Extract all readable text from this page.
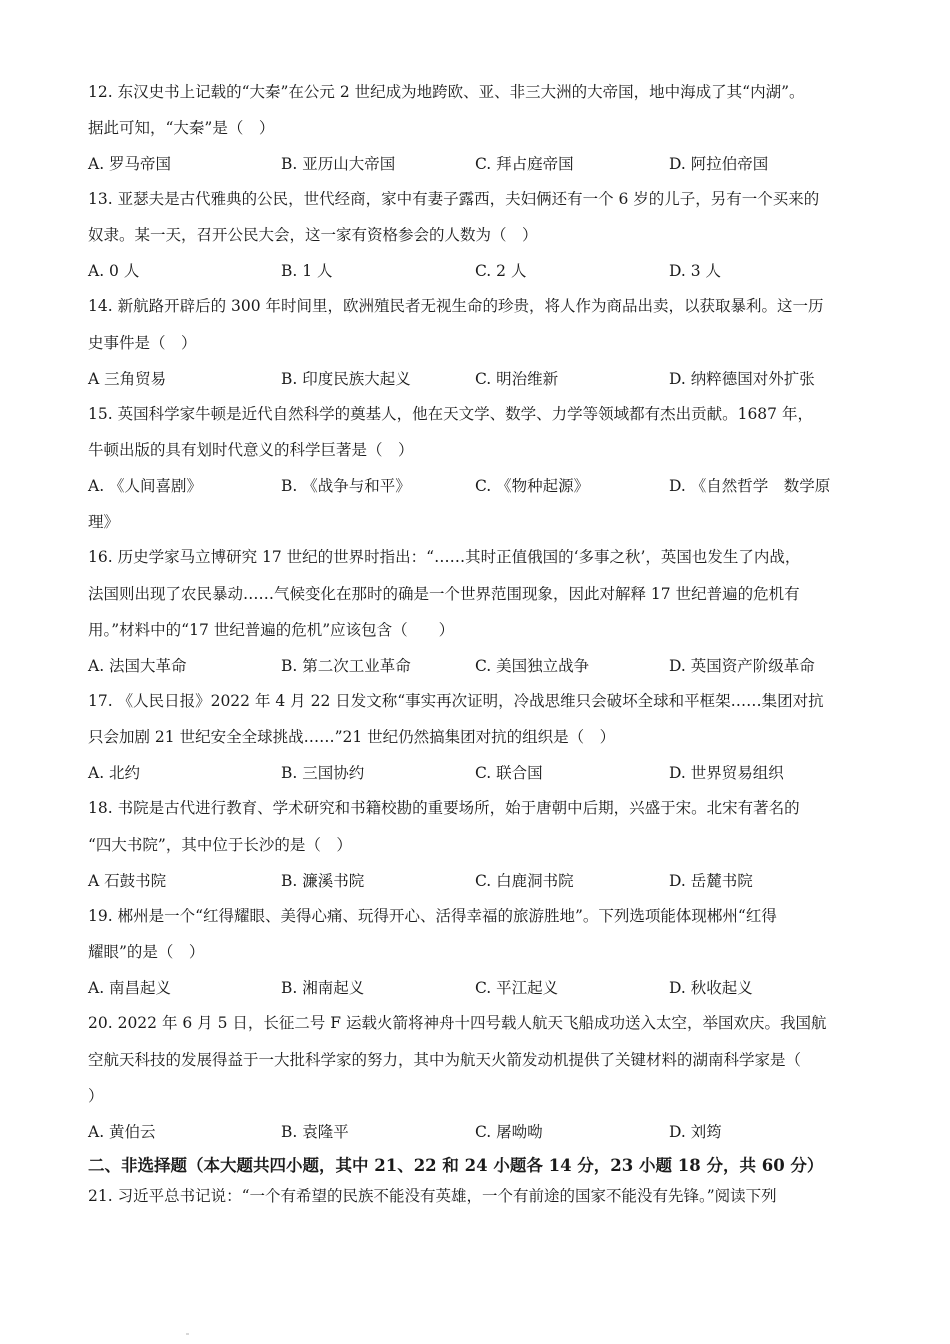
12. 东汉史书上记载的“大秦”在公元 2 世纪成为地跨欧、亚、非三大洲的大帝国，地中海成了其“内湖”。
据此可知，“大秦”是（　）
A. 罗马帝国	B. 亚历山大帝国	C. 拜占庭帝国	D. 阿拉伯帝国
13. 亚瑟夫是古代雅典的公民，世代经商，家中有妻子露西，夫妇俩还有一个 6 岁的儿子，另有一个买来的
奴隶。某一天，召开公民大会，这一家有资格参会的人数为（　）
A. 0 人	B. 1 人	C. 2 人	D. 3 人
14. 新航路开辟后的 300 年时间里，欧洲殖民者无视生命的珍贵，将人作为商品出卖，以获取暴利。这一历
史事件是（　）
A 三角贸易	B. 印度民族大起义	C. 明治维新	D. 纳粹德国对外扩张
15. 英国科学家牛顿是近代自然科学的奠基人，他在天文学、数学、力学等领域都有杰出贡献。1687 年，
牛顿出版的具有划时代意义的科学巨著是（　）
A. 《人间喜剧》	B. 《战争与和平》	C. 《物种起源》	D. 《自然哲学　数学原
理》
16. 历史学家马立博研究 17 世纪的世界时指出：“……其时正值俄国的‘多事之秋’，英国也发生了内战，
法国则出现了农民暴动……气候变化在那时的确是一个世界范围现象，因此对解释 17 世纪普遍的危机有
用。”材料中的“17 世纪普遍的危机”应该包含（　　）
A. 法国大革命	B. 第二次工业革命	C. 美国独立战争	D. 英国资产阶级革命
17. 《人民日报》2022 年 4 月 22 日发文称“事实再次证明，冷战思维只会破坏全球和平框架……集团对抗
只会加剧 21 世纪安全全球挑战……”21 世纪仍然搞集团对抗的组织是（　）
A. 北约	B. 三国协约	C. 联合国	D. 世界贸易组织
18. 书院是古代进行教育、学术研究和书籍校勘的重要场所，始于唐朝中后期，兴盛于宋。北宋有著名的
“四大书院”，其中位于长沙的是（　）
A 石鼓书院	B. 濂溪书院	C. 白鹿洞书院	D. 岳麓书院
19. 郴州是一个“红得耀眼、美得心痛、玩得开心、活得幸福的旅游胜地”。下列选项能体现郴州“红得
耀眼”的是（　）
A. 南昌起义	B. 湘南起义	C. 平江起义	D. 秋收起义
20. 2022 年 6 月 5 日，长征二号 F 运载火箭将神舟十四号载人航天飞船成功送入太空，举国欢庆。我国航
空航天科技的发展得益于一大批科学家的努力，其中为航天火箭发动机提供了关键材料的湖南科学家是（
）
A. 黄伯云	B. 袁隆平	C. 屠呦呦	D. 刘筠
二、非选择题（本大题共四小题，其中 21、22 和 24 小题各 14 分，23 小题 18 分，共 60 分）
21. 习近平总书记说：“一个有希望的民族不能没有英雄，一个有前途的国家不能没有先锋。”阅读下列
